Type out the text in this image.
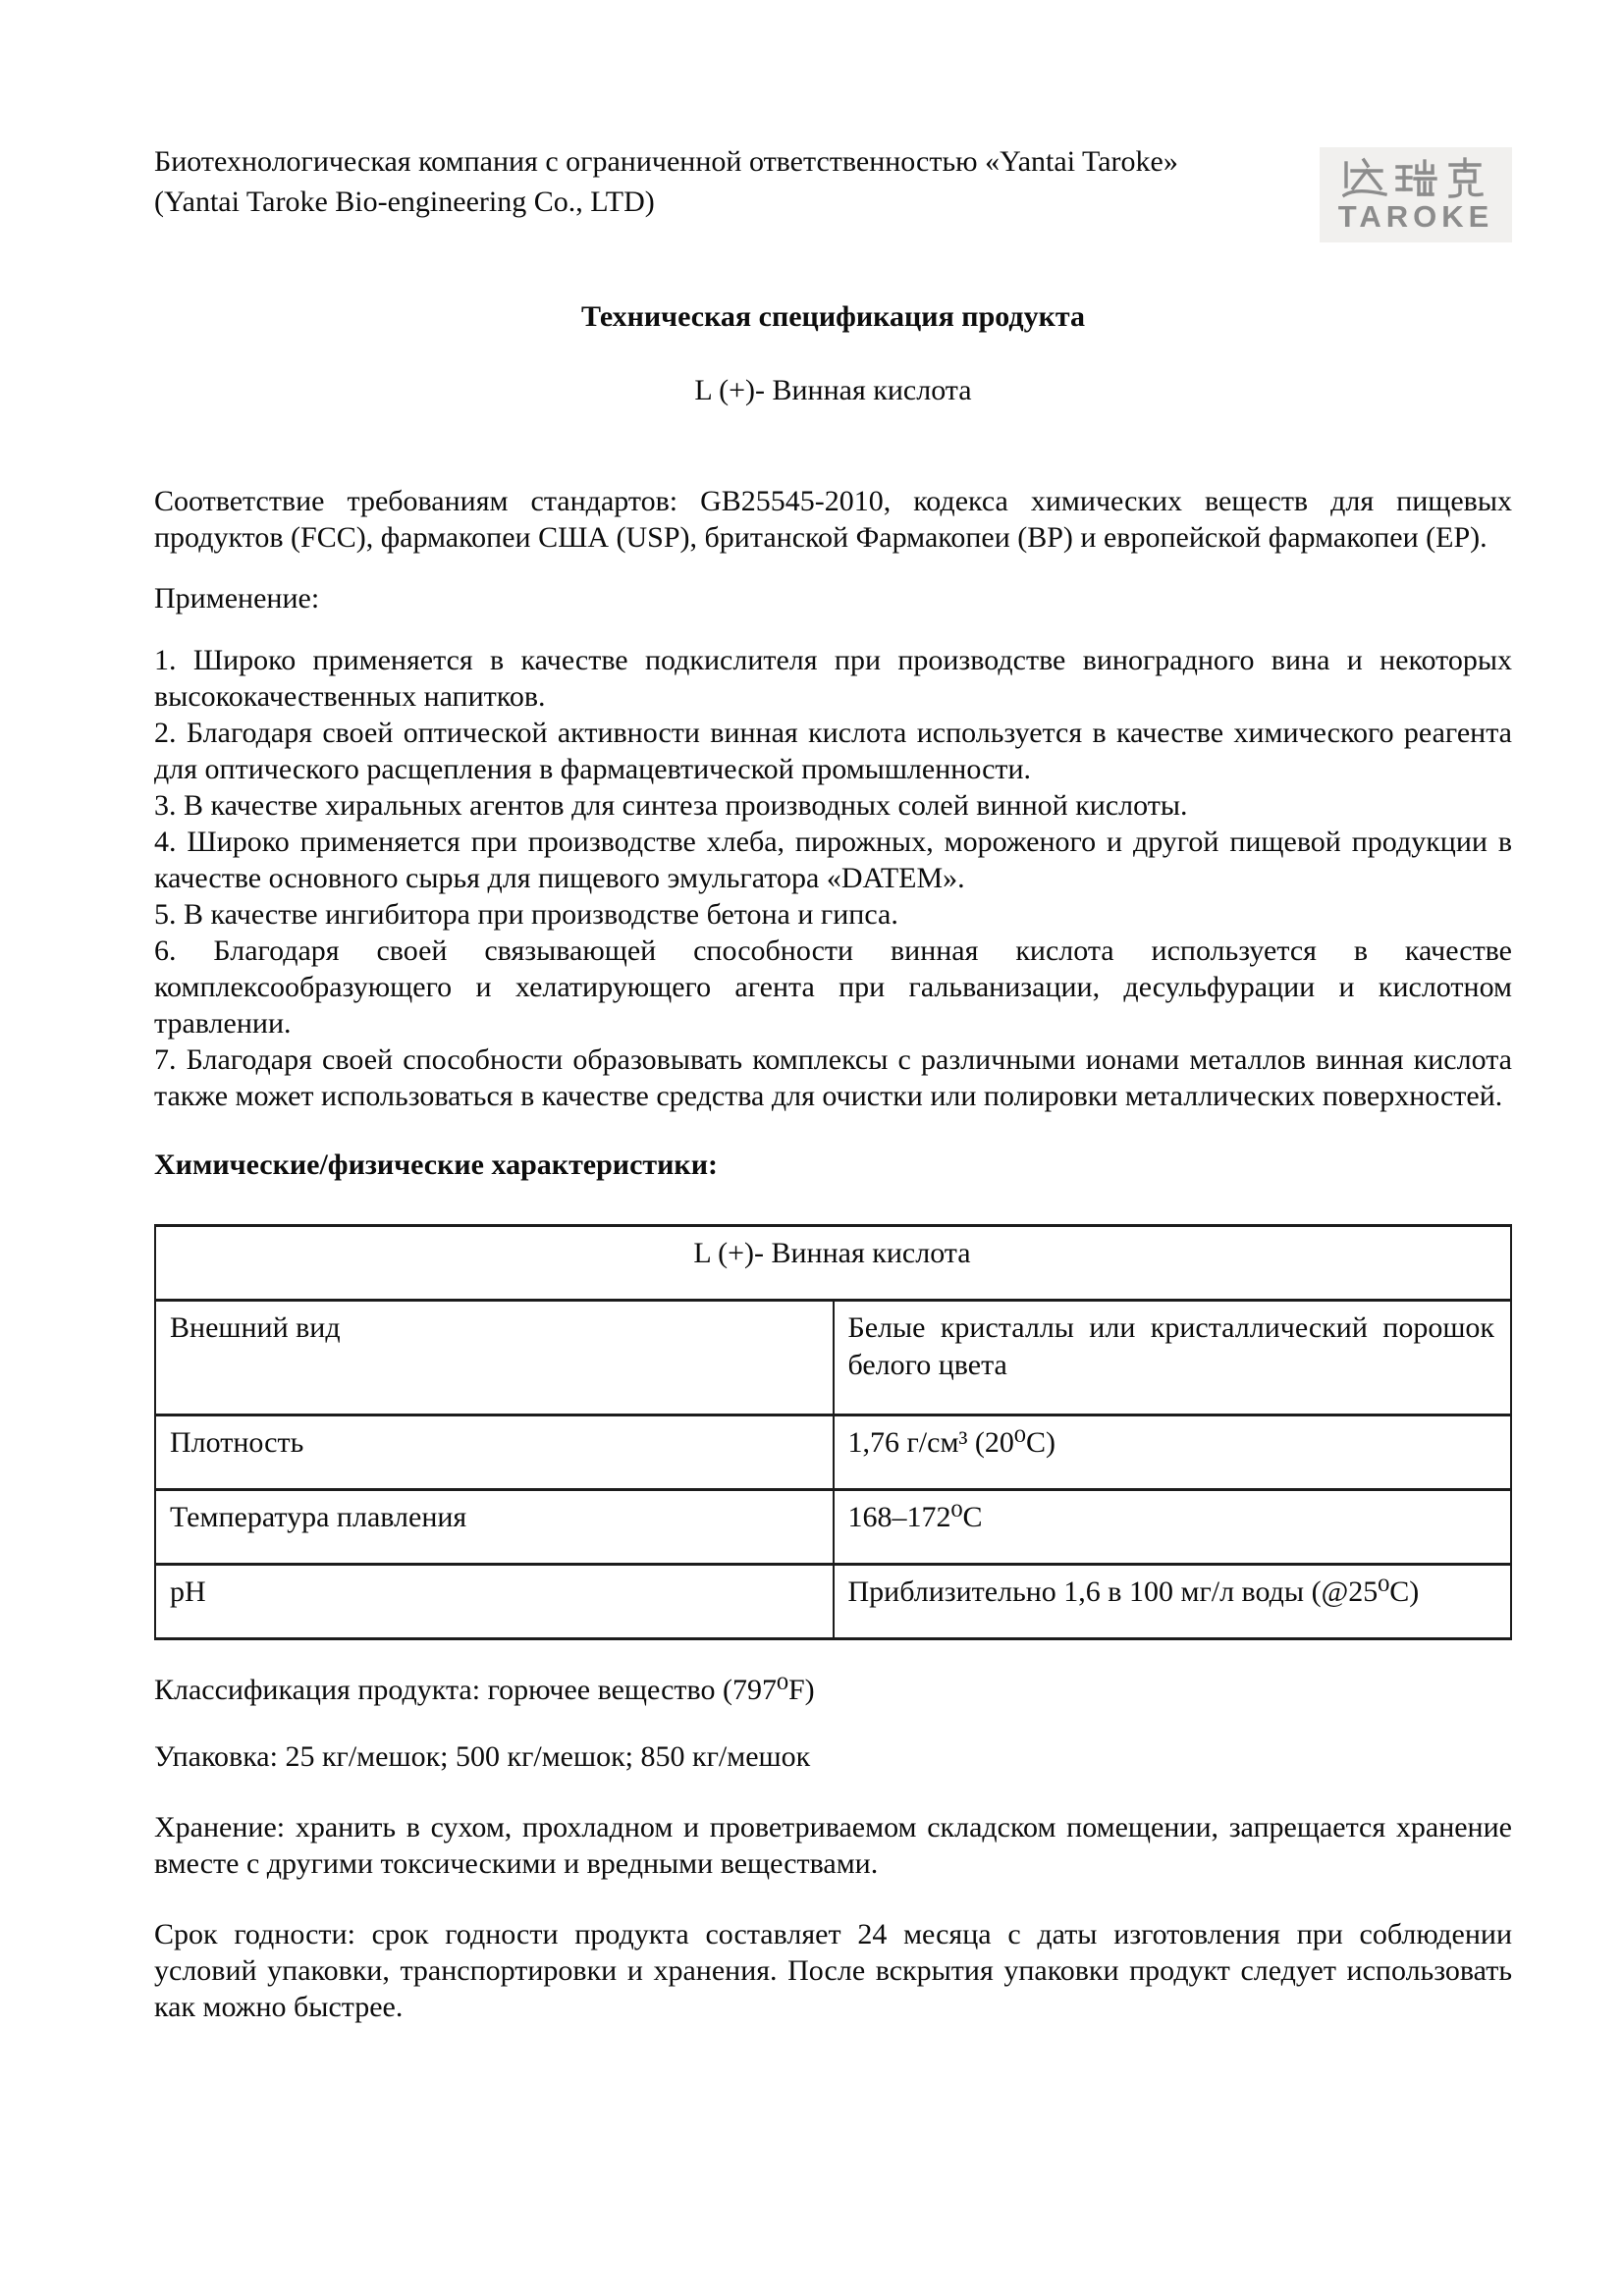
Биотехнологическая компания с ограниченной ответственностью «Yantai Taroke»

(Yantai Taroke Bio-engineering Co., LTD)	TAROKE

Техническая спецификация продукта

L (+)- Винная кислота

Соответствие требованиям стандартов: GB25545-2010, кодекса химических веществ для пищевых продуктов (FCC), фармакопеи США (USP), британской Фармакопеи (BP) и европейской фармакопеи (EP).

Применение:

1. Широко применяется в качестве подкислителя при производстве виноградного вина и некоторых высококачественных напитков.

2. Благодаря своей оптической активности винная кислота используется в качестве химического реагента для оптического расщепления в фармацевтической промышленности.

3. В качестве хиральных агентов для синтеза производных солей винной кислоты.

4. Широко применяется при производстве хлеба, пирожных, мороженого и другой пищевой продукции в качестве основного сырья для пищевого эмульгатора «DATEM».

5. В качестве ингибитора при производстве бетона и гипса.

6. Благодаря своей связывающей способности винная кислота используется в качестве комплексообразующего и хелатирующего агента при гальванизации, десульфурации и кислотном травлении.

7. Благодаря своей способности образовывать комплексы с различными ионами металлов винная кислота также может использоваться в качестве средства для очистки или полировки металлических поверхностей.

Химические/физические характеристики:

L (+)- Винная кислота	
Внешний вид	Белые кристаллы или кристаллический порошок белого цвета
Плотность	1,76 г/см³ (20⁰C)
Температура плавления	168–172⁰C
pH	Приблизительно 1,6 в 100 мг/л воды (@25⁰C)

Классификация продукта: горючее вещество (797⁰F)

Упаковка: 25 кг/мешок; 500 кг/мешок; 850 кг/мешок

Хранение: хранить в сухом, прохладном и проветриваемом складском помещении, запрещается хранение вместе с другими токсическими и вредными веществами.

Срок годности: срок годности продукта составляет 24 месяца с даты изготовления при соблюдении условий упаковки, транспортировки и хранения. После вскрытия упаковки продукт следует использовать как можно быстрее.
